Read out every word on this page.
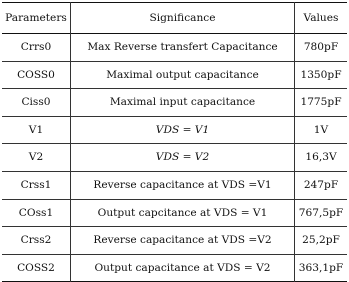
Parameters	Significance	Values
Crrs0	Max Reverse transfert Capacitance	780pF
COSS0	Maximal output capacitance	1350pF
Ciss0	Maximal input capacitance	1775pF
V1	VDS = V1	1V
V2	VDS = V2	16,3V
Crss1	Reverse capacitance at VDS =V1	247pF
COss1	Output capcitance at VDS = V1	767,5pF
Crss2	Reverse capacitance at VDS =V2	25,2pF
COSS2	Output capacitance at VDS = V2	363,1pF
